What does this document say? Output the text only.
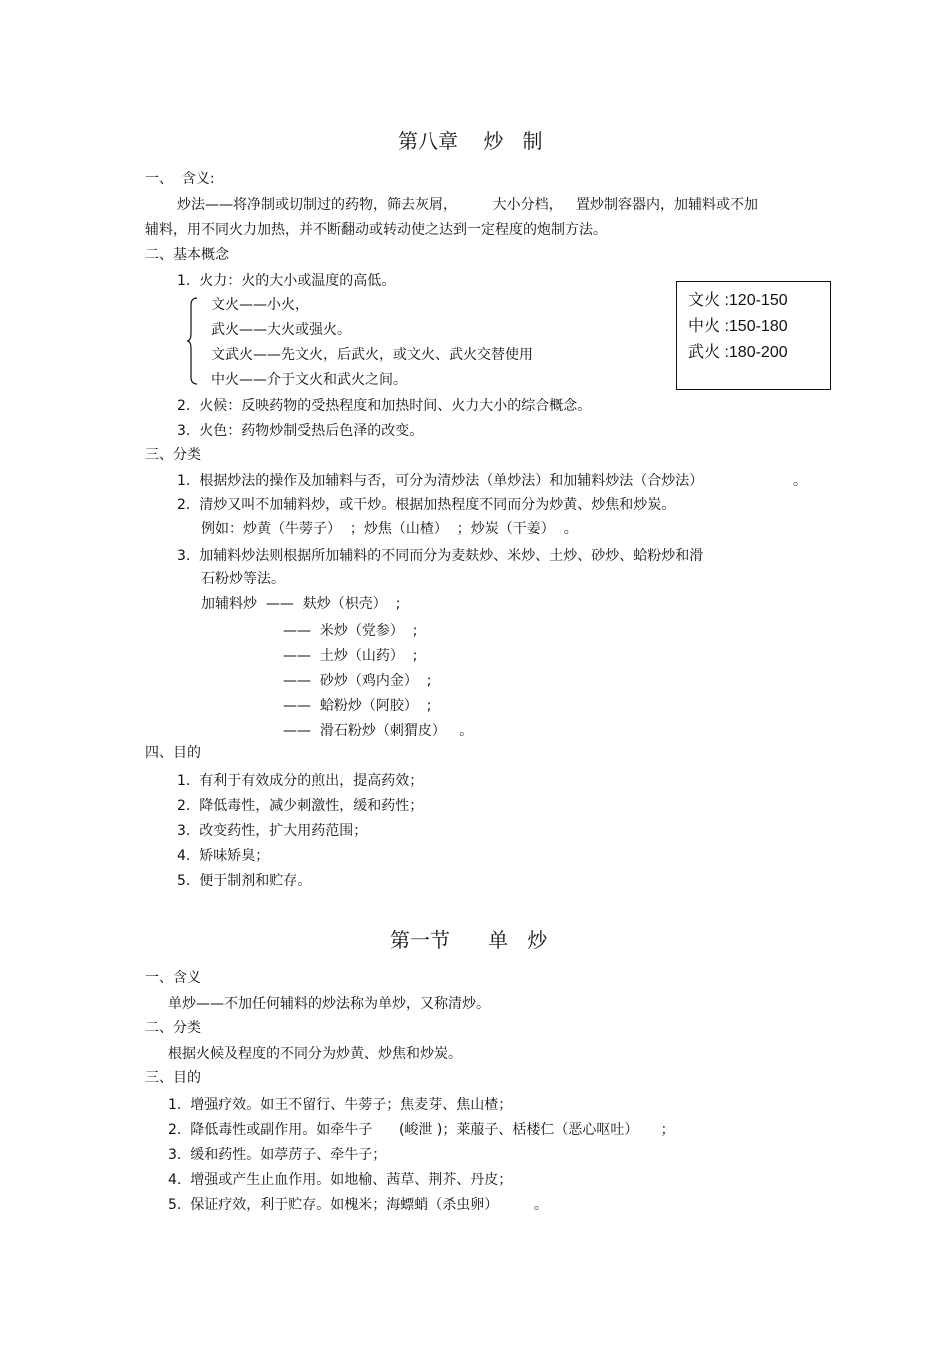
第八章    炒   制
一、  含义:
炒法——将净制或切制过的药物，筛去灰屑，        大小分档，   置炒制容器内，加辅料或不加
辅料，用不同火力加热，并不断翻动或转动使之达到一定程度的炮制方法。
二、基本概念
1.  火力：火的大小或温度的高低。
文火——小火，
武火——大火或强火。
文武火——先文火，后武火，或文火、武火交替使用
中火——介于文火和武火之间。
文火 :120-150
中火 :150-180
武火 :180-200
2.  火候：反映药物的受热程度和加热时间、火力大小的综合概念。
3.  火色：药物炒制受热后色泽的改变。
三、分类
1.  根据炒法的操作及加辅料与否，可分为清炒法（单炒法）和加辅料炒法（合炒法）	。
2.  清炒又叫不加辅料炒，或干炒。根据加热程度不同而分为炒黄、炒焦和炒炭。
例如：炒黄（牛蒡子）  ；炒焦（山楂）  ；炒炭（干姜）  。
3.  加辅料炒法则根据所加辅料的不同而分为麦麸炒、米炒、土炒、砂炒、蛤粉炒和滑
石粉炒等法。
加辅料炒  ——  麸炒（枳壳）  ;
——  米炒（党参）  ;
——  土炒（山药）  ;
——  砂炒（鸡内金）  ;
——  蛤粉炒（阿胶）  ;
——  滑石粉炒（刺猬皮）   。
四、目的
1.  有利于有效成分的煎出，提高药效；
2.  降低毒性，减少刺激性，缓和药性；
3.  改变药性，扩大用药范围；
4.  矫味矫臭；
5.  便于制剂和贮存。
第一节      单   炒
一、含义
单炒——不加任何辅料的炒法称为单炒，又称清炒。
二、分类
根据火候及程度的不同分为炒黄、炒焦和炒炭。
三、目的
1.  增强疗效。如王不留行、牛蒡子；焦麦芽、焦山楂；
2.  降低毒性或副作用。如牵牛子      (峻泄 )；莱菔子、栝楼仁（恶心呕吐）     ；
3.  缓和药性。如葶苈子、牵牛子；
4.  增强或产生止血作用。如地榆、茜草、荆芥、丹皮；
5.  保证疗效，利于贮存。如槐米；海螵蛸（杀虫卵）        。
